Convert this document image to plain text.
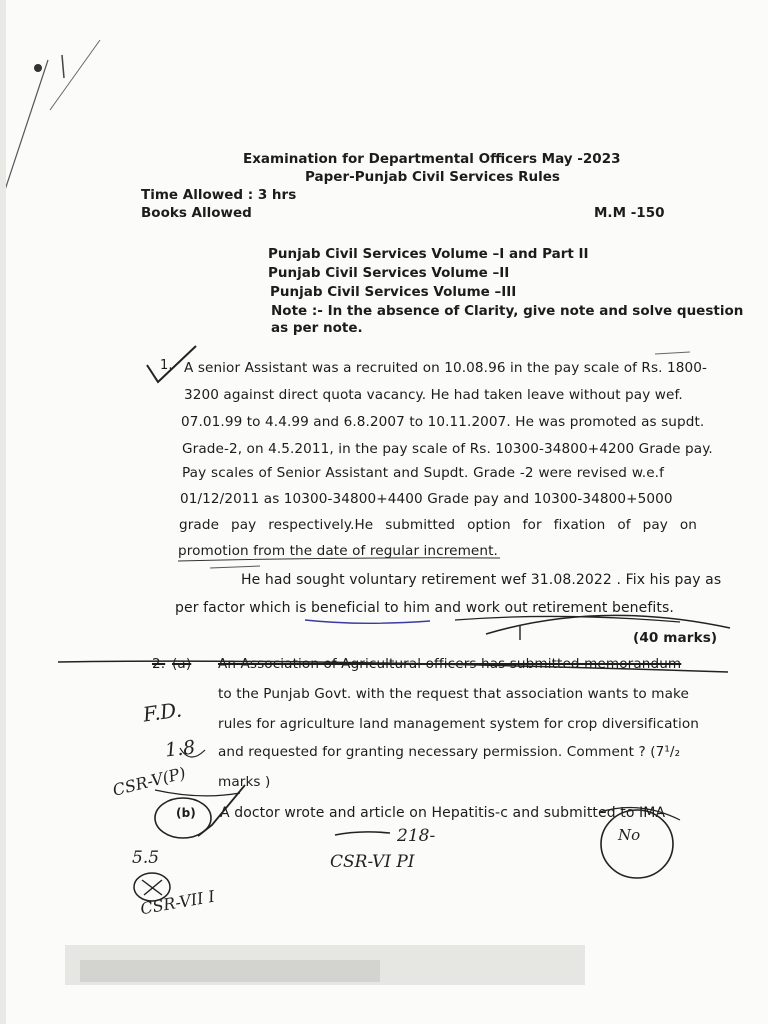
Examination for Departmental Officers May -2023
Paper-Punjab Civil Services Rules
Time Allowed : 3 hrs
Books Allowed	M.M -150
Punjab Civil Services Volume –I and Part II
Punjab Civil Services Volume –II
Punjab Civil Services Volume –III
Note :- In the absence of Clarity, give note and solve question
as per note.
1. A senior Assistant was a recruited on 10.08.96 in the pay scale of Rs. 1800-
3200 against direct quota vacancy. He had taken leave without pay wef.
07.01.99 to 4.4.99 and 6.8.2007 to 10.11.2007. He was promoted as supdt.
Grade-2, on 4.5.2011, in the pay scale of Rs. 10300-34800+4200 Grade pay.
Pay scales of Senior Assistant and Supdt. Grade -2 were revised w.e.f
01/12/2011 as 10300-34800+4400 Grade pay and 10300-34800+5000
grade pay respectively.He submitted option for fixation of pay on
promotion from the date of regular increment.
He had sought voluntary retirement wef 31.08.2022 . Fix his pay as
per factor which is beneficial to him and work out retirement benefits.
(40 marks)
2. (a) An Association of Agricultural officers has submitted memorandum
to the Punjab Govt. with the request that association wants to make
rules for agriculture land management system for crop diversification
and requested for granting necessary permission. Comment ? (7¹/₂
marks )
(b) A doctor wrote and article on Hepatitis-c and submitted to IMA
F.D.
1.8
CSR-V(P)
218-
CSR-VI PI
No
5.5
CSR-VII I
